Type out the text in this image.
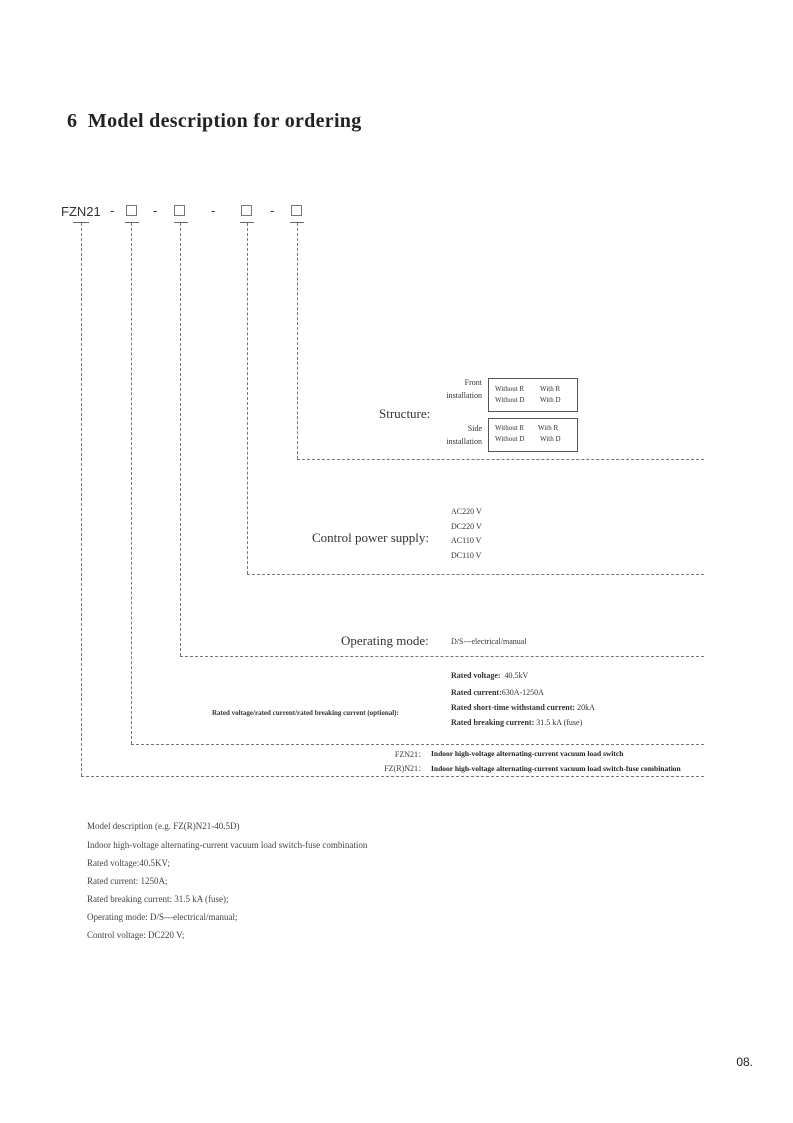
6 Model description for ordering
FZN21 -	-	-	-
Structure:
Front
installation
Without R With R
Without D With D
Side
installation
Without R With R
Without D With D
Control power supply:
AC220 V
DC220 V
AC110 V
DC110 V
Operating mode:	D/S---electrical/manual
Rated voltage/rated current/rated breaking current (optional):
Rated voltage: 40.5kV
Rated current:630A-1250A
Rated short-time withstand current: 20kA
Rated breaking current: 31.5 kA (fuse)
FZN21： Indoor high-voltage alternating-current vacuum load switch
FZ(R)N21： Indoor high-voltage alternating-current vacuum load switch-fuse combination
Model description (e.g. FZ(R)N21-40.5D)
Indoor high-voltage alternating-current vacuum load switch-fuse combination
Rated voltage:40.5KV;
Rated current: 1250A;
Rated breaking current: 31.5 kA (fuse);
Operating mode: D/S---electrical/manual;
Control voltage: DC220 V;
08.
